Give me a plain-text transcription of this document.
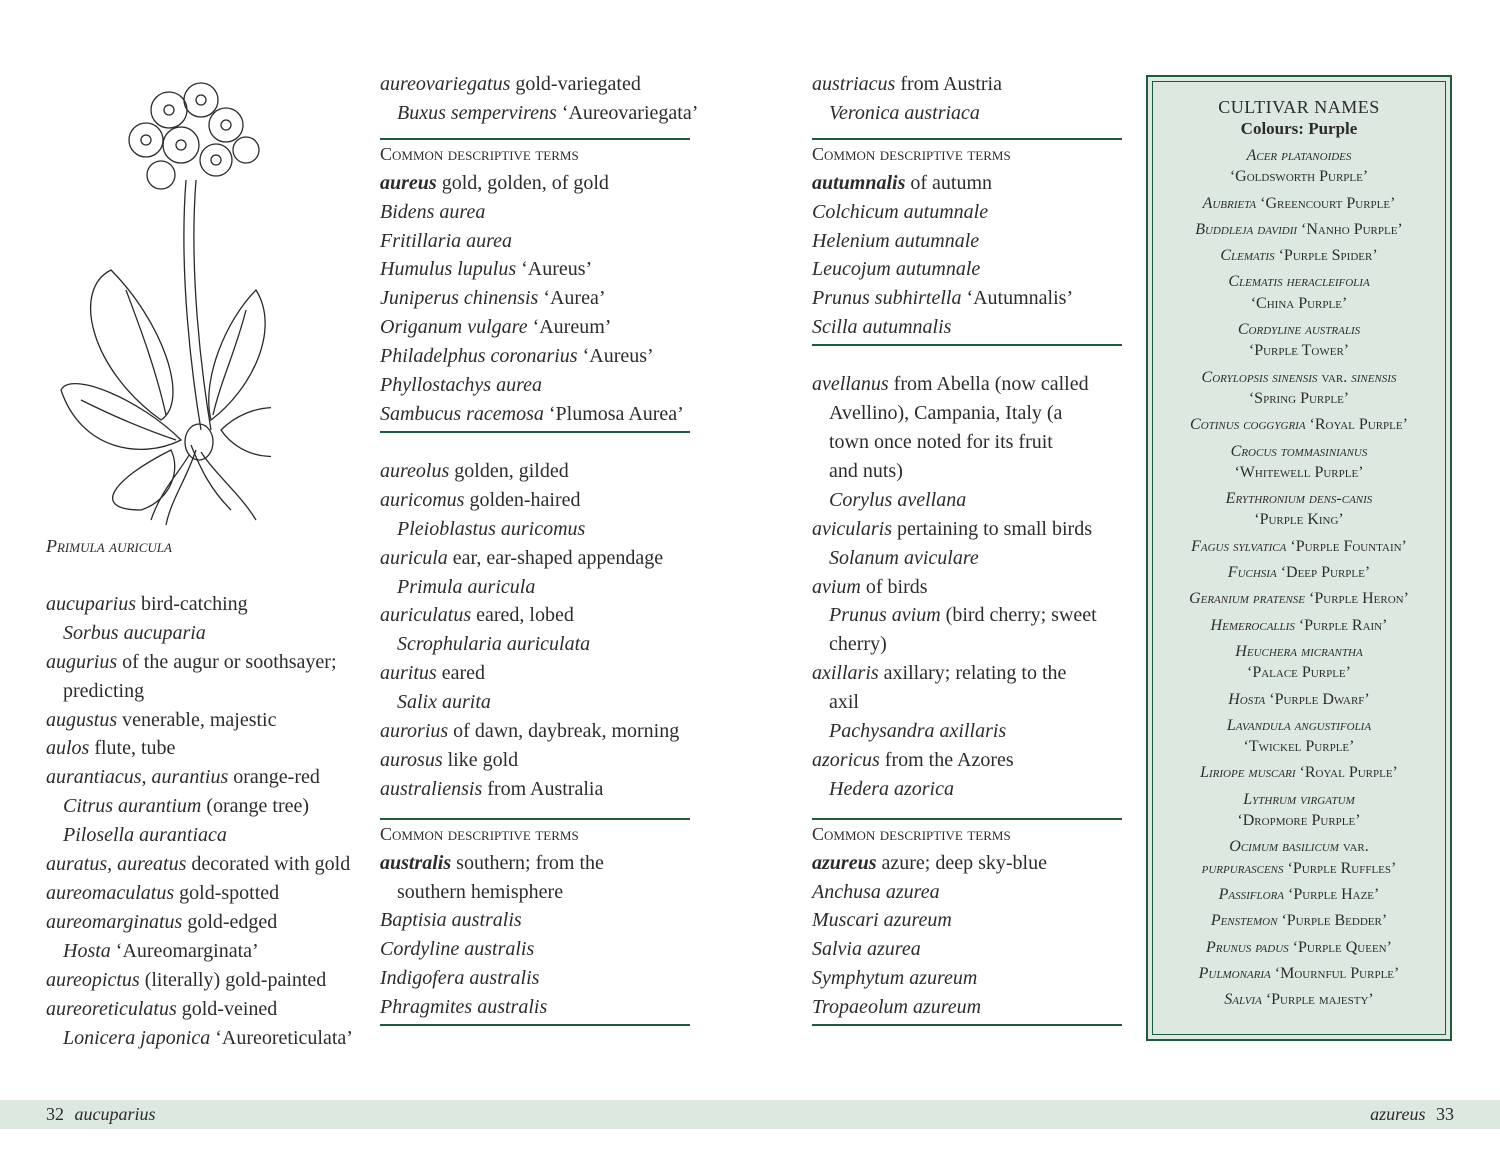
Primula auricula
aucuparius bird-catching
Sorbus aucuparia
augurius of the augur or soothsayer;
predicting
augustus venerable, majestic
aulos flute, tube
aurantiacus, aurantius orange-red
Citrus aurantium (orange tree)
Pilosella aurantiaca
auratus, aureatus decorated with gold
aureomaculatus gold-spotted
aureomarginatus gold-edged
Hosta ‘Aureomarginata’
aureopictus (literally) gold-painted
aureoreticulatus gold-veined
Lonicera japonica ‘Aureoreticulata’
aureovariegatus gold-variegated
Buxus sempervirens ‘Aureovariegata’
Common descriptive terms
aureus gold, golden, of gold
Bidens aurea
Fritillaria aurea
Humulus lupulus ‘Aureus’
Juniperus chinensis ‘Aurea’
Origanum vulgare ‘Aureum’
Philadelphus coronarius ‘Aureus’
Phyllostachys aurea
Sambucus racemosa ‘Plumosa Aurea’
aureolus golden, gilded
auricomus golden-haired
Pleioblastus auricomus
auricula ear, ear-shaped appendage
Primula auricula
auriculatus eared, lobed
Scrophularia auriculata
auritus eared
Salix aurita
aurorius of dawn, daybreak, morning
aurosus like gold
australiensis from Australia
Common descriptive terms
australis southern; from the
southern hemisphere
Baptisia australis
Cordyline australis
Indigofera australis
Phragmites australis
austriacus from Austria
Veronica austriaca
Common descriptive terms
autumnalis of autumn
Colchicum autumnale
Helenium autumnale
Leucojum autumnale
Prunus subhirtella ‘Autumnalis’
Scilla autumnalis
avellanus from Abella (now called
Avellino), Campania, Italy (a
town once noted for its fruit
and nuts)
Corylus avellana
avicularis pertaining to small birds
Solanum aviculare
avium of birds
Prunus avium (bird cherry; sweet
cherry)
axillaris axillary; relating to the
axil
Pachysandra axillaris
azoricus from the Azores
Hedera azorica
Common descriptive terms
azureus azure; deep sky-blue
Anchusa azurea
Muscari azureum
Salvia azurea
Symphytum azureum
Tropaeolum azureum
CULTIVAR NAMES
Colours: Purple
Acer platanoides
‘Goldsworth Purple’
Aubrieta ‘Greencourt Purple’
Buddleja davidii ‘Nanho Purple’
Clematis ‘Purple Spider’
Clematis heracleifolia
‘China Purple’
Cordyline australis
‘Purple Tower’
Corylopsis sinensis var. sinensis
‘Spring Purple’
Cotinus coggygria ‘Royal Purple’
Crocus tommasinianus
‘Whitewell Purple’
Erythronium dens-canis
‘Purple King’
Fagus sylvatica ‘Purple Fountain’
Fuchsia ‘Deep Purple’
Geranium pratense ‘Purple Heron’
Hemerocallis ‘Purple Rain’
Heuchera micrantha
‘Palace Purple’
Hosta ‘Purple Dwarf’
Lavandula angustifolia
‘Twickel Purple’
Liriope muscari ‘Royal Purple’
Lythrum virgatum
‘Dropmore Purple’
Ocimum basilicum var.
purpurascens ‘Purple Ruffles’
Passiflora ‘Purple Haze’
Penstemon ‘Purple Bedder’
Prunus padus ‘Purple Queen’
Pulmonaria ‘Mournful Purple’
Salvia ‘Purple majesty’
32 aucuparius	azureus 33
